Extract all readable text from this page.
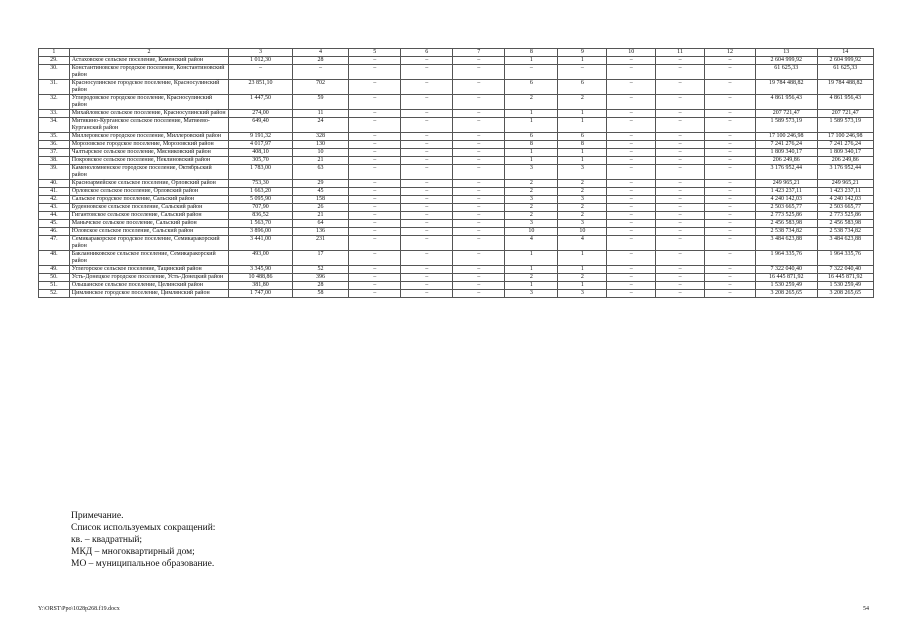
1	2	3	4	5	6	7	8	9	10	11	12	13	14
29.	Астаховское сельское поселение, Каменский район	1 012,30	28	–	–	–	1	1	–	–	–	2 604 999,92	2 604 999,92
30.	Константиновское городское поселение, Константиновский район	–	–	–	–	–	–	–	–	–	–	61 625,33	61 625,33
31.	Красносулинское городское поселение, Красносулинский район	23 851,10	702	–	–	–	6	6	–	–	–	19 784 488,82	19 784 488,82
32.	Углеродовское городское поселение, Красносулинский район	1 447,50	59	–	–	–	2	2	–	–	–	4 861 956,43	4 861 956,43
33.	Михайловское сельское поселение, Красносулинский район	274,00	11	–	–	–	1	1	–	–	–	207 721,47	207 721,47
34.	Митякино-Курганское сельское поселение, Матвеево-Курганский район	649,40	24	–	–	–	1	1	–	–	–	1 589 573,19	1 589 573,19
35.	Миллеровское городское поселение, Миллеровский район	9 191,32	328	–	–	–	6	6	–	–	–	17 100 246,98	17 100 246,98
36.	Морозовское городское поселение, Морозовский район	4 017,97	130	–	–	–	8	8	–	–	–	7 241 276,24	7 241 276,24
37.	Чалтырское сельское поселение, Мясниковский район	408,10	10	–	–	–	1	1	–	–	–	1 809 340,17	1 809 340,17
38.	Покровское сельское поселение, Неклиновский район	305,70	21	–	–	–	1	1	–	–	–	206 249,86	206 249,86
39.	Каменоломненское городское поселение, Октябрьский район	1 783,00	63	–	–	–	3	3	–	–	–	3 176 952,44	3 176 952,44
40.	Красноармейское сельское поселение, Орловский район	753,30	29	–	–	–	2	2	–	–	–	249 965,21	249 965,21
41.	Орловское сельское поселение, Орловский район	1 663,20	45	–	–	–	2	2	–	–	–	1 423 237,11	1 423 237,11
42.	Сальское городское поселение, Сальский район	5 095,90	158	–	–	–	3	3	–	–	–	4 240 142,03	4 240 142,03
43.	Буденновское сельское поселение, Сальский район	707,90	26	–	–	–	2	2	–	–	–	2 503 665,77	2 503 665,77
44.	Гигантовское сельское поселение, Сальский район	836,52	21	–	–	–	2	2	–	–	–	2 773 525,86	2 773 525,86
45.	Манычское сельское поселение, Сальский район	1 563,70	64	–	–	–	3	3	–	–	–	2 456 583,98	2 456 583,98
46.	Юловское сельское поселение, Сальский район	3 896,00	136	–	–	–	10	10	–	–	–	2 538 734,82	2 538 734,82
47.	Семикаракорское городское поселение, Семикаракорский район	3 441,00	231	–	–	–	4	4	–	–	–	3 484 623,88	3 484 623,88
48.	Бакланниковское сельское поселение, Семикаракорский район	493,00	17	–	–	–	1	1	–	–	–	1 964 335,76	1 964 335,76
49.	Углегорское сельское поселение, Тацинский район	3 345,90	52	–	–	–	1	1	–	–	–	7 322 040,40	7 322 040,40
50.	Усть-Донецкое городское поселение, Усть-Донецкий район	10 488,86	396	–	–	–	2	2	–	–	–	16 445 871,92	16 445 871,92
51.	Ольшанское сельское поселение, Целинский район	381,80	28	–	–	–	1	1	–	–	–	1 530 259,49	1 530 259,49
52.	Цимлянское городское поселение, Цимлянский район	1 747,00	58	–	–	–	3	3	–	–	–	3 208 265,65	3 208 265,65
Примечание.
Список используемых сокращений:
кв. – квадратный;
МКД – многоквартирный дом;
МО – муниципальное образование.
Y:\ORST\Ppo\1028p268.f19.docx	54
